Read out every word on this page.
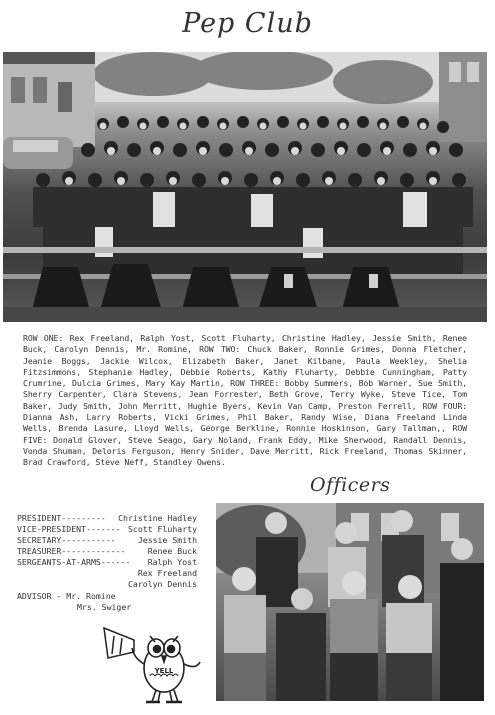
Pep Club
ROW ONE: Rex Freeland, Ralph Yost, Scott Fluharty, Christine Hadley, Jessie Smith, Renee Buck, Carolyn Dennis, Mr. Romine, ROW TWO: Chuck Baker, Ronnie Grimes, Donna Fletcher, Jeanie Boggs, Jackie Wilcox, Elizabeth Baker, Janet Kilbane, Paula Weekley, Shelia Fitzsimmons, Stephanie Hadley, Debbie Roberts, Kathy Fluharty, Debbie Cunningham, Patty Crumrine, Dulcia Grimes, Mary Kay Martin, ROW THREE: Bobby Summers, Bob Warner, Sue Smith, Sherry Carpenter, Clara Stevens, Jean Forrester, Beth Grove, Terry Wyke, Steve Tice, Tom Baker, Judy Smith, John Merritt, Hughie Byers, Kevin Van Camp, Preston Ferrell, ROW FOUR: Dianna Ash, Larry Roberts, Vicki Grimes, Phil Baker, Randy Wise, Diana Freeland Linda Wells, Brenda Lasure, Lloyd Wells, George Berkline, Ronnie Hoskinson, Gary Tallman,, ROW FIVE: Donald Glover, Steve Seago, Gary Noland, Frank Eddy, Mike Sherwood, Randall Dennis, Vonda Shuman, Deloris Ferguson, Henry Snider, Dave Merritt, Rick Freeland, Thomas Skinner, Brad Crawford, Steve Neff, Standley Owens.
Officers
PRESIDENT ---------	Christine Hadley
VICE-PRESIDENT ------- Scott Fluharty
SECRETARY -----------	Jessie Smith
TREASURER -------------	Renee Buck
SERGEANTS-AT-ARMS ------	Ralph Yost
Rex Freeland
Carolyn Dennis
ADVISOR - Mr. Romine
Mrs. Swiger
YELL
